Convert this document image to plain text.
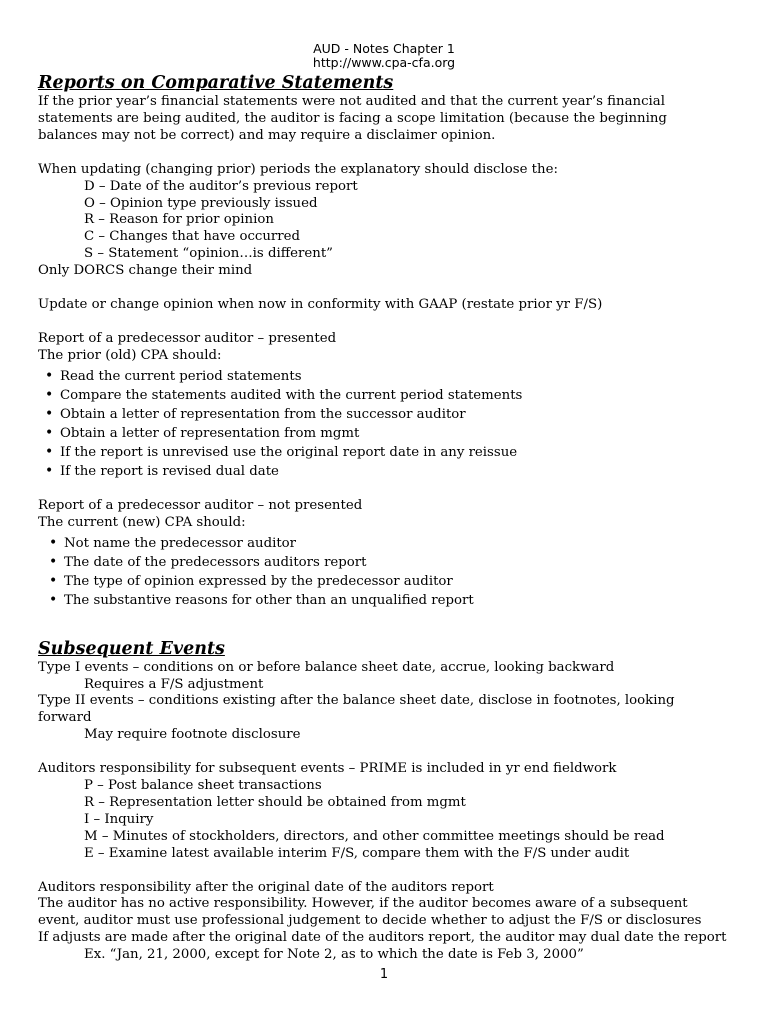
AUD - Notes Chapter 1
http://www.cpa-cfa.org
Reports on Comparative Statements

If the prior year’s financial statements were not audited and that the current year’s financial statements are being audited, the auditor is facing a scope limitation (because the beginning balances may not be correct) and may require a disclaimer opinion.

When updating (changing prior) periods the explanatory should disclose the:

D – Date of the auditor’s previous report
O – Opinion type previously issued
R – Reason for prior opinion
C – Changes that have occurred
S – Statement “opinion…is different”

Only DORCS change their mind

Update or change opinion when now in conformity with GAAP (restate prior yr F/S)

Report of a predecessor auditor – presented

The prior (old) CPA should:

• Read the current period statements
• Compare the statements audited with the current period statements
• Obtain a letter of representation from the successor auditor
• Obtain a letter of representation from mgmt
• If the report is unrevised use the original report date in any reissue
• If the report is revised dual date

Report of a predecessor auditor – not presented

The current (new) CPA should:

• Not name the predecessor auditor
• The date of the predecessors auditors report
• The type of opinion expressed by the predecessor auditor
• The substantive reasons for other than an unqualified report
Subsequent Events

Type I events – conditions on or before balance sheet date, accrue, looking backward

Requires a F/S adjustment

Type II events – conditions existing after the balance sheet date, disclose in footnotes, looking forward

May require footnote disclosure

Auditors responsibility for subsequent events – PRIME is included in yr end fieldwork

P – Post balance sheet transactions
R – Representation letter should be obtained from mgmt
I – Inquiry
M – Minutes of stockholders, directors, and other committee meetings should be read
E – Examine latest available interim F/S, compare them with the F/S under audit

Auditors responsibility after the original date of the auditors report

The auditor has no active responsibility. However, if the auditor becomes aware of a subsequent event, auditor must use professional judgement to decide whether to adjust the F/S or disclosures

If adjusts are made after the original date of the auditors report, the auditor may dual date the report

Ex. “Jan, 21, 2000, except for Note 2, as to which the date is Feb 3, 2000”
1
